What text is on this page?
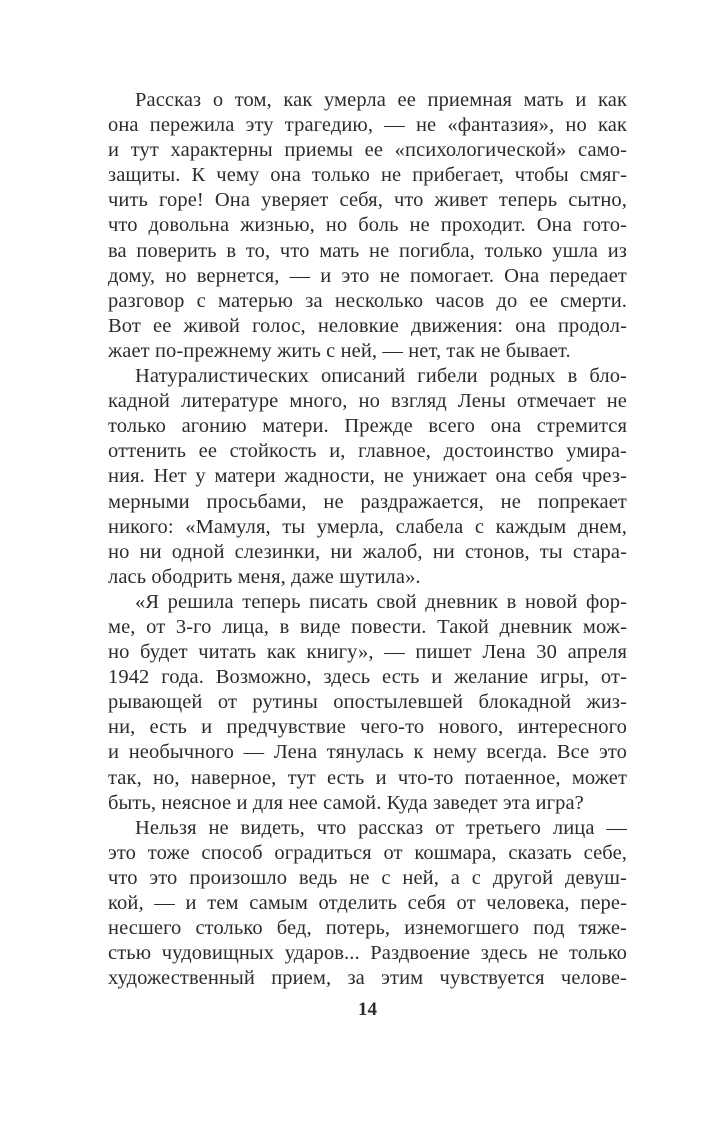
Рассказ о том, как умерла ее приемная мать и как
она пережила эту трагедию, — не «фантазия», но как
и тут характерны приемы ее «психологической» само-
защиты. К чему она только не прибегает, чтобы смяг-
чить горе! Она уверяет себя, что живет теперь сытно,
что довольна жизнью, но боль не проходит. Она гото-
ва поверить в то, что мать не погибла, только ушла из
дому, но вернется, — и это не помогает. Она передает
разговор с матерью за несколько часов до ее смерти.
Вот ее живой голос, неловкие движения: она продол-
жает по-прежнему жить с ней, — нет, так не бывает.
Натуралистических описаний гибели родных в бло-
кадной литературе много, но взгляд Лены отмечает не
только агонию матери. Прежде всего она стремится
оттенить ее стойкость и, главное, достоинство умира-
ния. Нет у матери жадности, не унижает она себя чрез-
мерными просьбами, не раздражается, не попрекает
никого: «Мамуля, ты умерла, слабела с каждым днем,
но ни одной слезинки, ни жалоб, ни стонов, ты стара-
лась ободрить меня, даже шутила».
«Я решила теперь писать свой дневник в новой фор-
ме, от 3-го лица, в виде повести. Такой дневник мож-
но будет читать как книгу», — пишет Лена 30 апреля
1942 года. Возможно, здесь есть и желание игры, от-
рывающей от рутины опостылевшей блокадной жиз-
ни, есть и предчувствие чего-то нового, интересного
и необычного — Лена тянулась к нему всегда. Все это
так, но, наверное, тут есть и что-то потаенное, может
быть, неясное и для нее самой. Куда заведет эта игра?
Нельзя не видеть, что рассказ от третьего лица —
это тоже способ оградиться от кошмара, сказать себе,
что это произошло ведь не с ней, а с другой девуш-
кой, — и тем самым отделить себя от человека, пере-
несшего столько бед, потерь, изнемогшего под тяже-
стью чудовищных ударов... Раздвоение здесь не только
художественный прием, за этим чувствуется челове-
14
